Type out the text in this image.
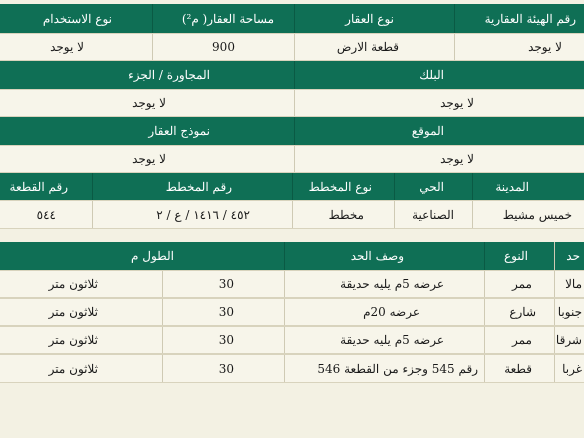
رقم الهيئة العقارية
نوع العقار
مساحة العقار( م²)
نوع الاستخدام
لا يوجد
قطعة الارض
900
لا يوجد
البلك
المجاورة / الجزء
لا يوجد
لا يوجد
الموقع
نموذج العقار
لا يوجد
لا يوجد
المدينة
الحي
نوع المخطط
رقم المخطط
رقم القطعة
خميس مشيط
الصناعية
مخطط
٤٥٢ / ١٤١٦ / ع / ٢
٥٤٤
حد
النوع
وصف الحد
الطول م
مالا
ممر
عرضه 5م يليه حديقة
30
ثلاثون متر
جنوبا
شارع
عرضه 20م
30
ثلاثون متر
شرقا
ممر
عرضه 5م يليه حديقة
30
ثلاثون متر
غربا
قطعة
رقم 545 وجزء من القطعة 546
30
ثلاثون متر
